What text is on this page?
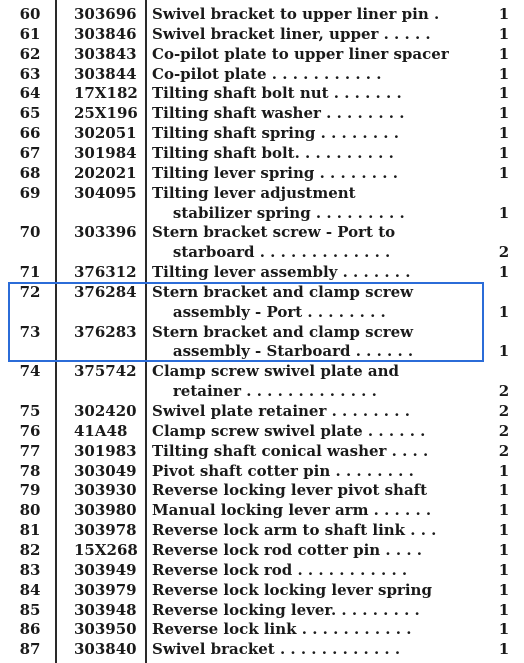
60	303696 Swivel bracket to upper liner pin .	1
61	303846 Swivel bracket liner, upper . . . . .	1
62	303843 Co-pilot plate to upper liner spacer	1
63	303844 Co-pilot plate . . . . . . . . . . .	1
64	17X182 Tilting shaft bolt nut . . . . . . .	1
65	25X196 Tilting shaft washer . . . . . . . .	1
66	302051 Tilting shaft spring . . . . . . . .	1
67	301984 Tilting shaft bolt. . . . . . . . . .	1
68	202021 Tilting lever spring . . . . . . . .	1
69	304095 Tilting lever adjustment
stabilizer spring . . . . . . . . .	1
70	303396 Stern bracket screw - Port to
starboard . . . . . . . . . . . . .	2
71	376312 Tilting lever assembly . . . . . . .	1
72	376284 Stern bracket and clamp screw
assembly - Port . . . . . . . .	1
73	376283 Stern bracket and clamp screw
assembly - Starboard . . . . . .	1
74	375742 Clamp screw swivel plate and
retainer . . . . . . . . . . . . .	2
75	302420 Swivel plate retainer . . . . . . . .	2
76	41A48 Clamp screw swivel plate . . . . . .	2
77	301983 Tilting shaft conical washer . . . .	2
78	303049 Pivot shaft cotter pin . . . . . . . .	1
79	303930 Reverse locking lever pivot shaft	1
80	303980 Manual locking lever arm . . . . . .	1
81	303978 Reverse lock arm to shaft link . . .	1
82	15X268 Reverse lock rod cotter pin . . . .	1
83	303949 Reverse lock rod . . . . . . . . . . .	1
84	303979 Reverse lock locking lever spring	1
85	303948 Reverse locking lever. . . . . . . . .	1
86	303950 Reverse lock link . . . . . . . . . . .	1
87	303840 Swivel bracket . . . . . . . . . . . .	1
